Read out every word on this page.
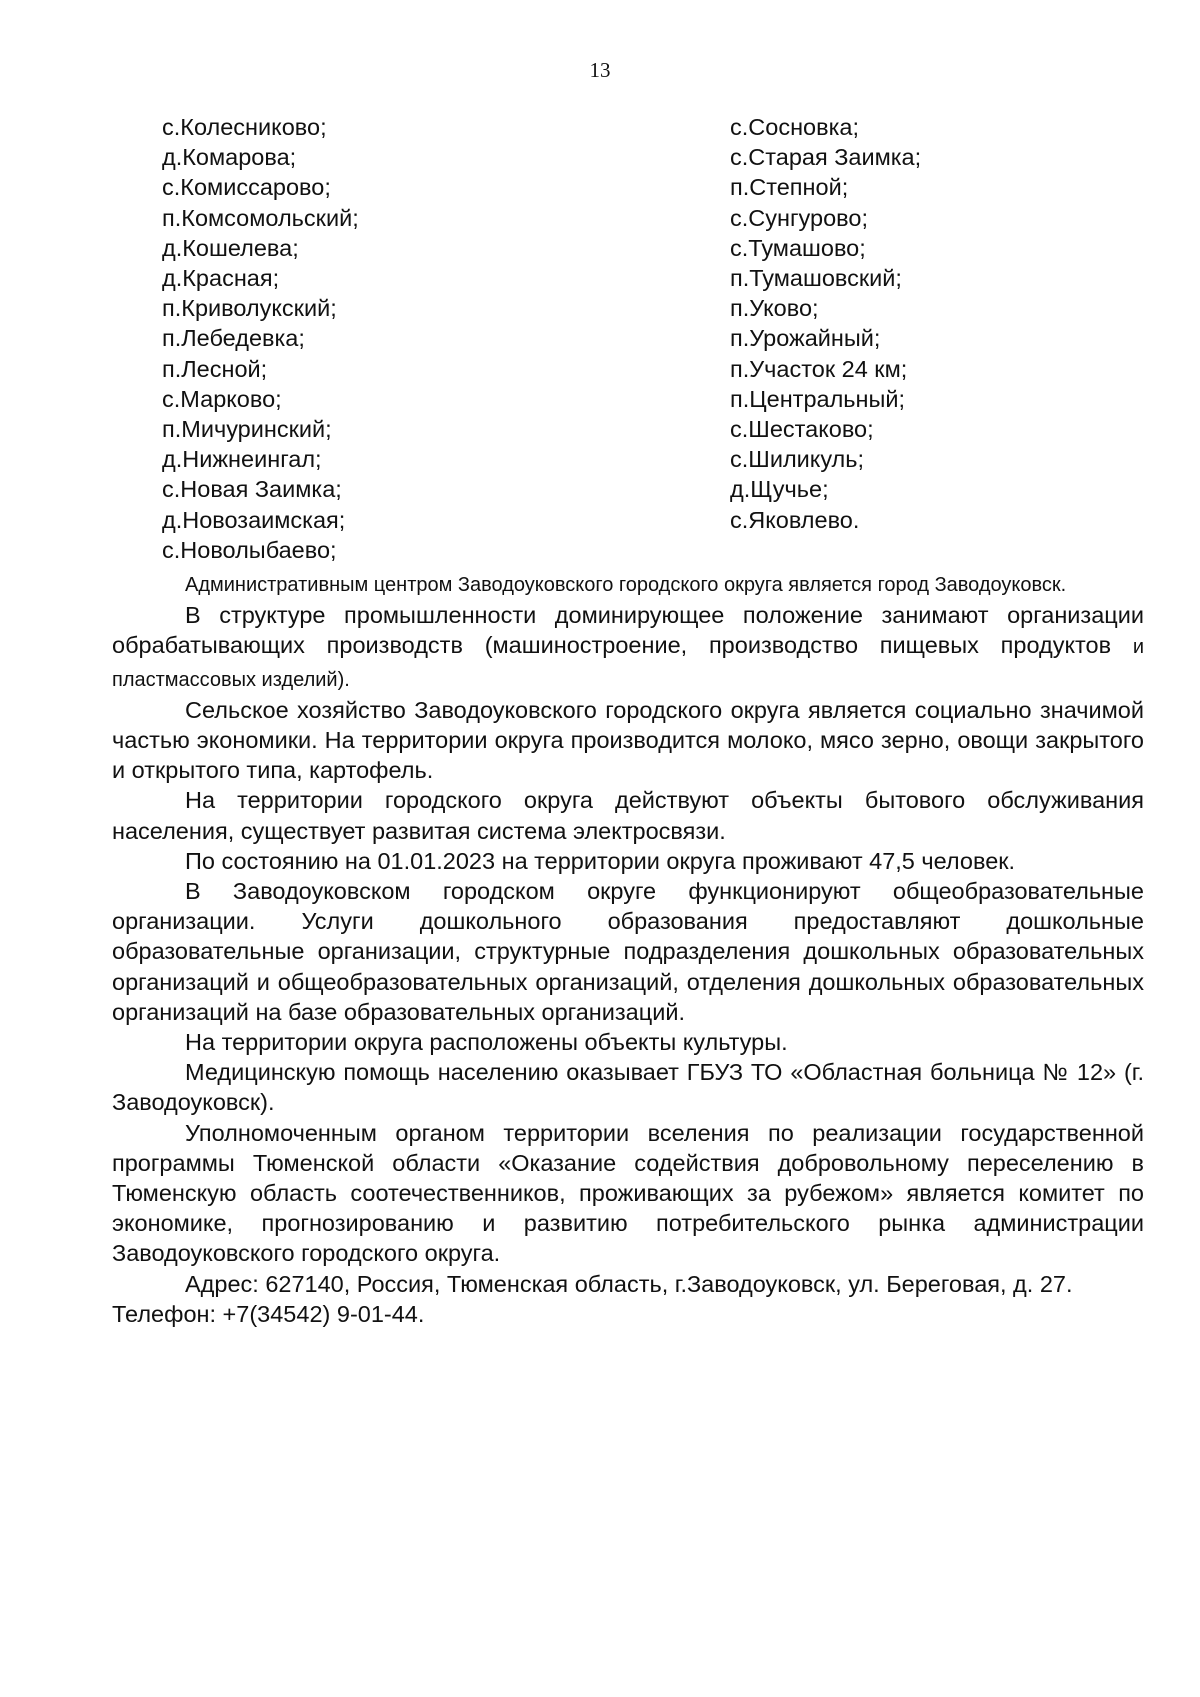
13
с.Колесниково;
д.Комарова;
с.Комиссарово;
п.Комсомольский;
д.Кошелева;
д.Красная;
п.Криволукский;
п.Лебедевка;
п.Лесной;
с.Марково;
п.Мичуринский;
д.Нижнеингал;
с.Новая Заимка;
д.Новозаимская;
с.Новолыбаево;
с.Сосновка;
с.Старая Заимка;
п.Степной;
с.Сунгурово;
с.Тумашово;
п.Тумашовский;
п.Уково;
п.Урожайный;
п.Участок 24 км;
п.Центральный;
с.Шестаково;
с.Шиликуль;
д.Щучье;
с.Яковлево.

Административным центром Заводоуковского городского округа является город Заводоуковск.

В структуре промышленности доминирующее положение занимают организации обрабатывающих производств (машиностроение, производство пищевых продуктов и пластмассовых изделий).

Сельское хозяйство Заводоуковского городского округа является социально значимой частью экономики. На территории округа производится молоко, мясо зерно, овощи закрытого и открытого типа, картофель.

На территории городского округа действуют объекты бытового обслуживания населения, существует развитая система электросвязи.

По состоянию на 01.01.2023 на территории округа проживают 47,5 человек.

В Заводоуковском городском округе функционируют общеобразовательные организации. Услуги дошкольного образования предоставляют дошкольные образовательные организации, структурные подразделения дошкольных образовательных организаций и общеобразовательных организаций, отделения дошкольных образовательных организаций на базе образовательных организаций.

На территории округа расположены объекты культуры.

Медицинскую помощь населению оказывает ГБУЗ ТО «Областная больница № 12» (г. Заводоуковск).

Уполномоченным органом территории вселения по реализации государственной программы Тюменской области «Оказание содействия добровольному переселению в Тюменскую область соотечественников, проживающих за рубежом» является комитет по экономике, прогнозированию и развитию потребительского рынка администрации Заводоуковского городского округа.

Адрес: 627140, Россия, Тюменская область, г.Заводоуковск, ул. Береговая, д. 27.

Телефон: +7(34542) 9-01-44.
